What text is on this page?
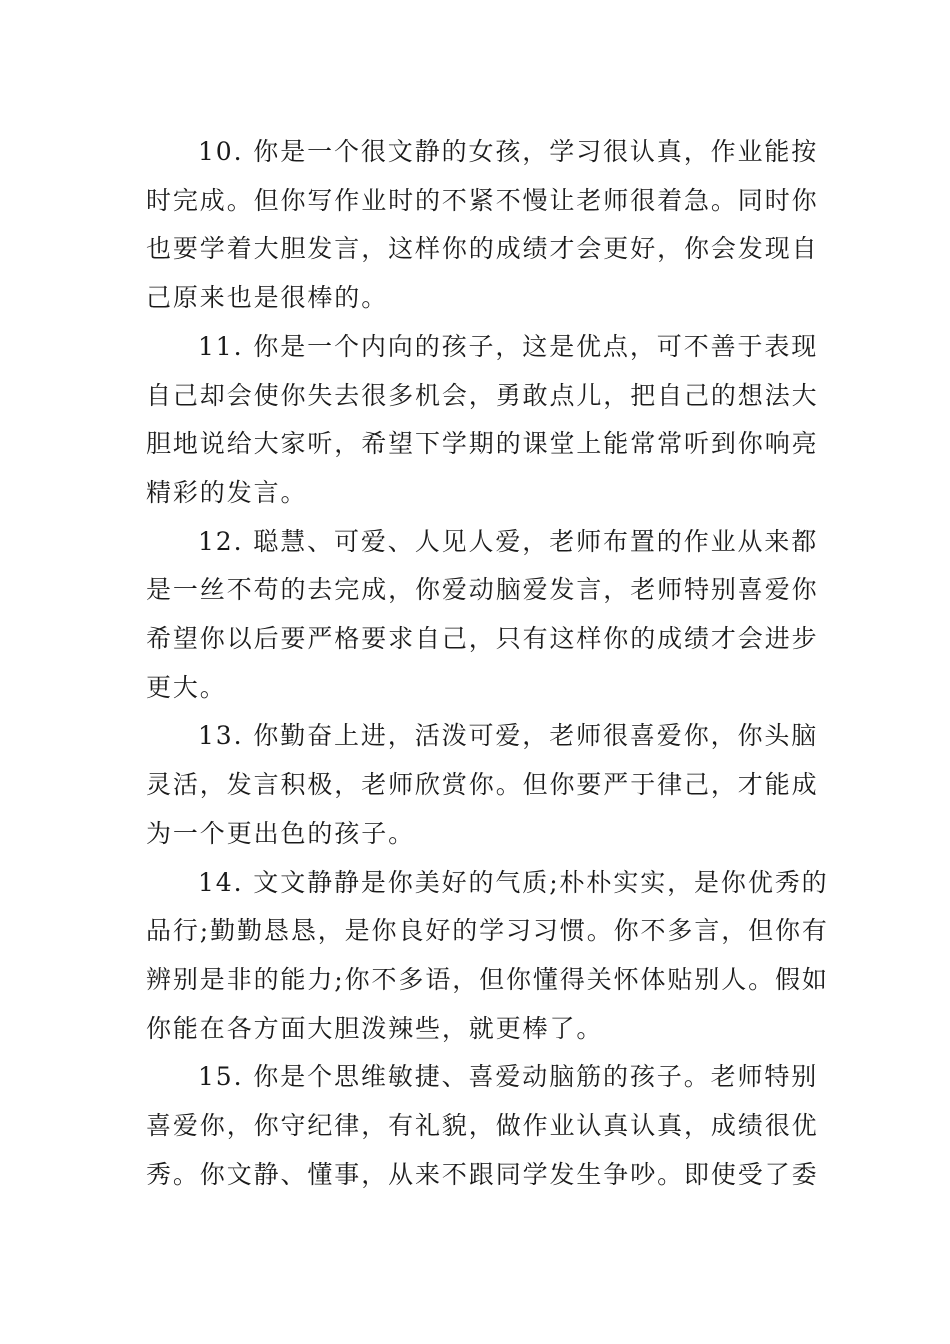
10. 你是一个很文静的女孩，学习很认真，作业能按
时完成。但你写作业时的不紧不慢让老师很着急。同时你
也要学着大胆发言，这样你的成绩才会更好，你会发现自
己原来也是很棒的。
11. 你是一个内向的孩子，这是优点，可不善于表现
自己却会使你失去很多机会，勇敢点儿，把自己的想法大
胆地说给大家听，希望下学期的课堂上能常常听到你响亮
精彩的发言。
12. 聪慧、可爱、人见人爱，老师布置的作业从来都
是一丝不苟的去完成，你爱动脑爱发言，老师特别喜爱你
希望你以后要严格要求自己，只有这样你的成绩才会进步
更大。
13. 你勤奋上进，活泼可爱，老师很喜爱你，你头脑
灵活，发言积极，老师欣赏你。但你要严于律己，才能成
为一个更出色的孩子。
14. 文文静静是你美好的气质;朴朴实实，是你优秀的
品行;勤勤恳恳，是你良好的学习习惯。你不多言，但你有
辨别是非的能力;你不多语，但你懂得关怀体贴别人。假如
你能在各方面大胆泼辣些，就更棒了。
15. 你是个思维敏捷、喜爱动脑筋的孩子。老师特别
喜爱你，你守纪律，有礼貌，做作业认真认真，成绩很优
秀。你文静、懂事，从来不跟同学发生争吵。即使受了委
